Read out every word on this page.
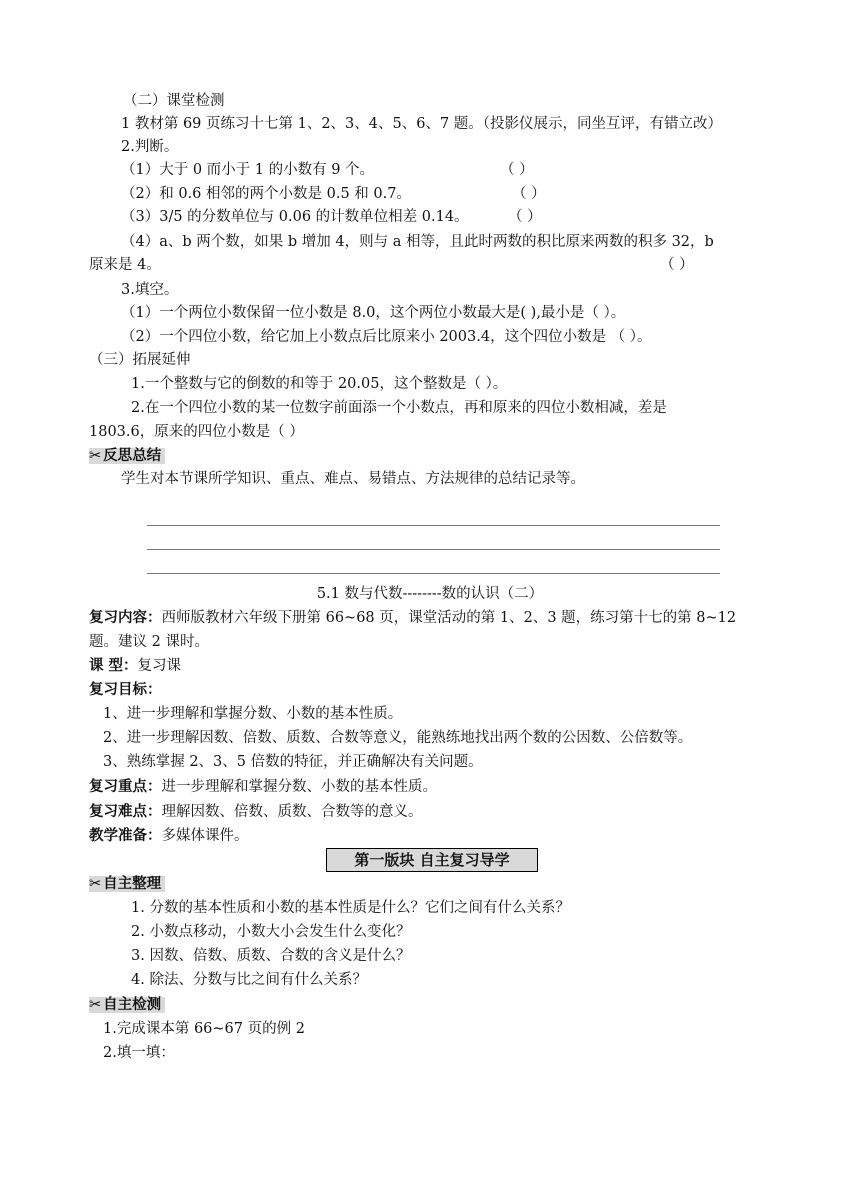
（二）课堂检测
1 教材第 69 页练习十七第 1、2、3、4、5、6、7 题。（投影仪展示，同坐互评，有错立改）
2.判断。
（1）大于 0 而小于 1 的小数有 9 个。	（ ）
（2）和 0.6 相邻的两个小数是 0.5 和 0.7。	（ ）
（3）3/5 的分数单位与 0.06 的计数单位相差 0.14。	（ ）
（4）a、b 两个数，如果 b 增加 4，则与 a 相等，且此时两数的积比原来两数的积多 32，b
原来是 4。	（ ）
3.填空。
（1）一个两位小数保留一位小数是 8.0，这个两位小数最大是( ),最小是（ ）。
（2）一个四位小数，给它加上小数点后比原来小 2003.4，这个四位小数是 （ ）。
（三）拓展延伸
1.一个整数与它的倒数的和等于 20.05，这个整数是（ ）。
2.在一个四位小数的某一位数字前面添一个小数点，再和原来的四位小数相减，差是
1803.6，原来的四位小数是（ ）
✂ 反思总结
学生对本节课所学知识、重点、难点、易错点、方法规律的总结记录等。
5.1 数与代数--------数的认识（二）
复习内容：西师版教材六年级下册第 66~68 页，课堂活动的第 1、2、3 题，练习第十七的第 8~12
题。建议 2 课时。
课 型：复习课
复习目标：
1、进一步理解和掌握分数、小数的基本性质。
2、进一步理解因数、倍数、质数、合数等意义，能熟练地找出两个数的公因数、公倍数等。
3、熟练掌握 2、3、5 倍数的特征，并正确解决有关问题。
复习重点：进一步理解和掌握分数、小数的基本性质。
复习难点：理解因数、倍数、质数、合数等的意义。
教学准备：多媒体课件。
第一版块 自主复习导学
✂ 自主整理
1. 分数的基本性质和小数的基本性质是什么？它们之间有什么关系？
2. 小数点移动，小数大小会发生什么变化？
3. 因数、倍数、质数、合数的含义是什么？
4. 除法、分数与比之间有什么关系？
✂ 自主检测
1.完成课本第 66~67 页的例 2
2.填一填：
